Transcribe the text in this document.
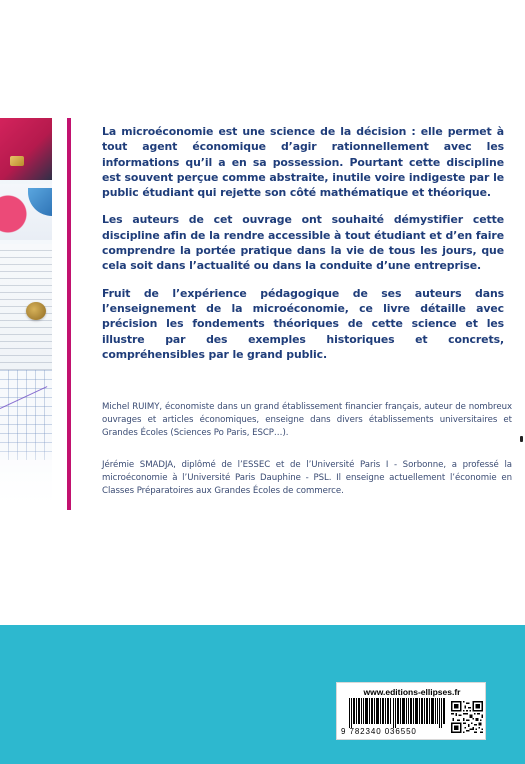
La microéconomie est une science de la décision : elle permet à tout agent économique d’agir rationnellement avec les informations qu’il a en sa possession. Pourtant cette discipline est souvent perçue comme abstraite, inutile voire indigeste par le public étudiant qui rejette son côté mathématique et théorique.

Les auteurs de cet ouvrage ont souhaité démystifier cette discipline afin de la rendre accessible à tout étudiant et d’en faire comprendre la portée pratique dans la vie de tous les jours, que cela soit dans l’actualité ou dans la conduite d’une entreprise.

Fruit de l’expérience pédagogique de ses auteurs dans l’enseignement de la microéconomie, ce livre détaille avec précision les fondements théoriques de cette science et les illustre par des exemples historiques et concrets, compréhensibles par le grand public.

Michel RUIMY, économiste dans un grand établissement financier français, auteur de nombreux ouvrages et articles économiques, enseigne dans divers établissements universitaires et Grandes Écoles (Sciences Po Paris, ESCP…).

Jérémie SMADJA, diplômé de l’ESSEC et de l’Université Paris I - Sorbonne, a professé la microéconomie à l’Université Paris Dauphine - PSL. Il enseigne actuellement l’économie en Classes Préparatoires aux Grandes Écoles de commerce.

www.editions-ellipses.fr
9 782340 036550
